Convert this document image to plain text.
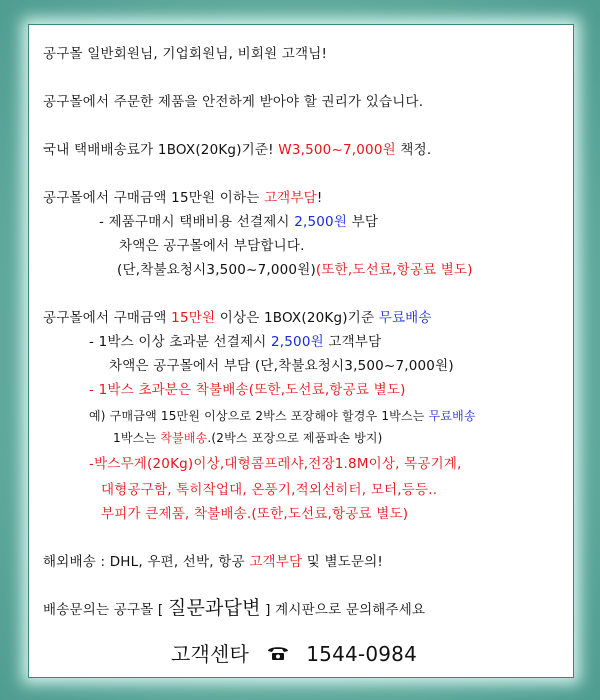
공구몰 일반회원님, 기업회원님, 비회원 고객님!
공구몰에서 주문한 제품을 안전하게 받아야 할 권리가 있습니다.
국내 택배배송료가 1BOX(20Kg)기준! W3,500~7,000원 책정.
공구몰에서 구매금액 15만원 이하는 고객부담!
- 제품구매시 택배비용 선결제시 2,500원 부담
차액은 공구몰에서 부담합니다.
(단,착불요청시3,500~7,000원)(또한,도선료,항공료 별도)
공구몰에서 구매금액 15만원 이상은 1BOX(20Kg)기준 무료배송
- 1박스 이상 초과분 선결제시 2,500원 고객부담
차액은 공구몰에서 부담 (단,착불요청시3,500~7,000원)
- 1박스 초과분은 착불배송(또한,도선료,항공료 별도)
예) 구매금액 15만원 이상으로 2박스 포장해야 할경우 1박스는 무료배송
1박스는 착불배송.(2박스 포장으로 제품파손 방지)
-박스무게(20Kg)이상,대형콤프레샤,전장1.8M이상, 목공기계,
대형공구함, 톡히작업대, 온풍기,적외선히터, 모터,등등..
부피가 큰제품, 착불배송.(또한,도선료,항공료 별도)
해외배송 : DHL, 우편, 선박, 항공 고객부담 및 별도문의!
배송문의는 공구몰 [ 질문과답변 ] 계시판으로 문의해주세요
고객센타	1544-0984
